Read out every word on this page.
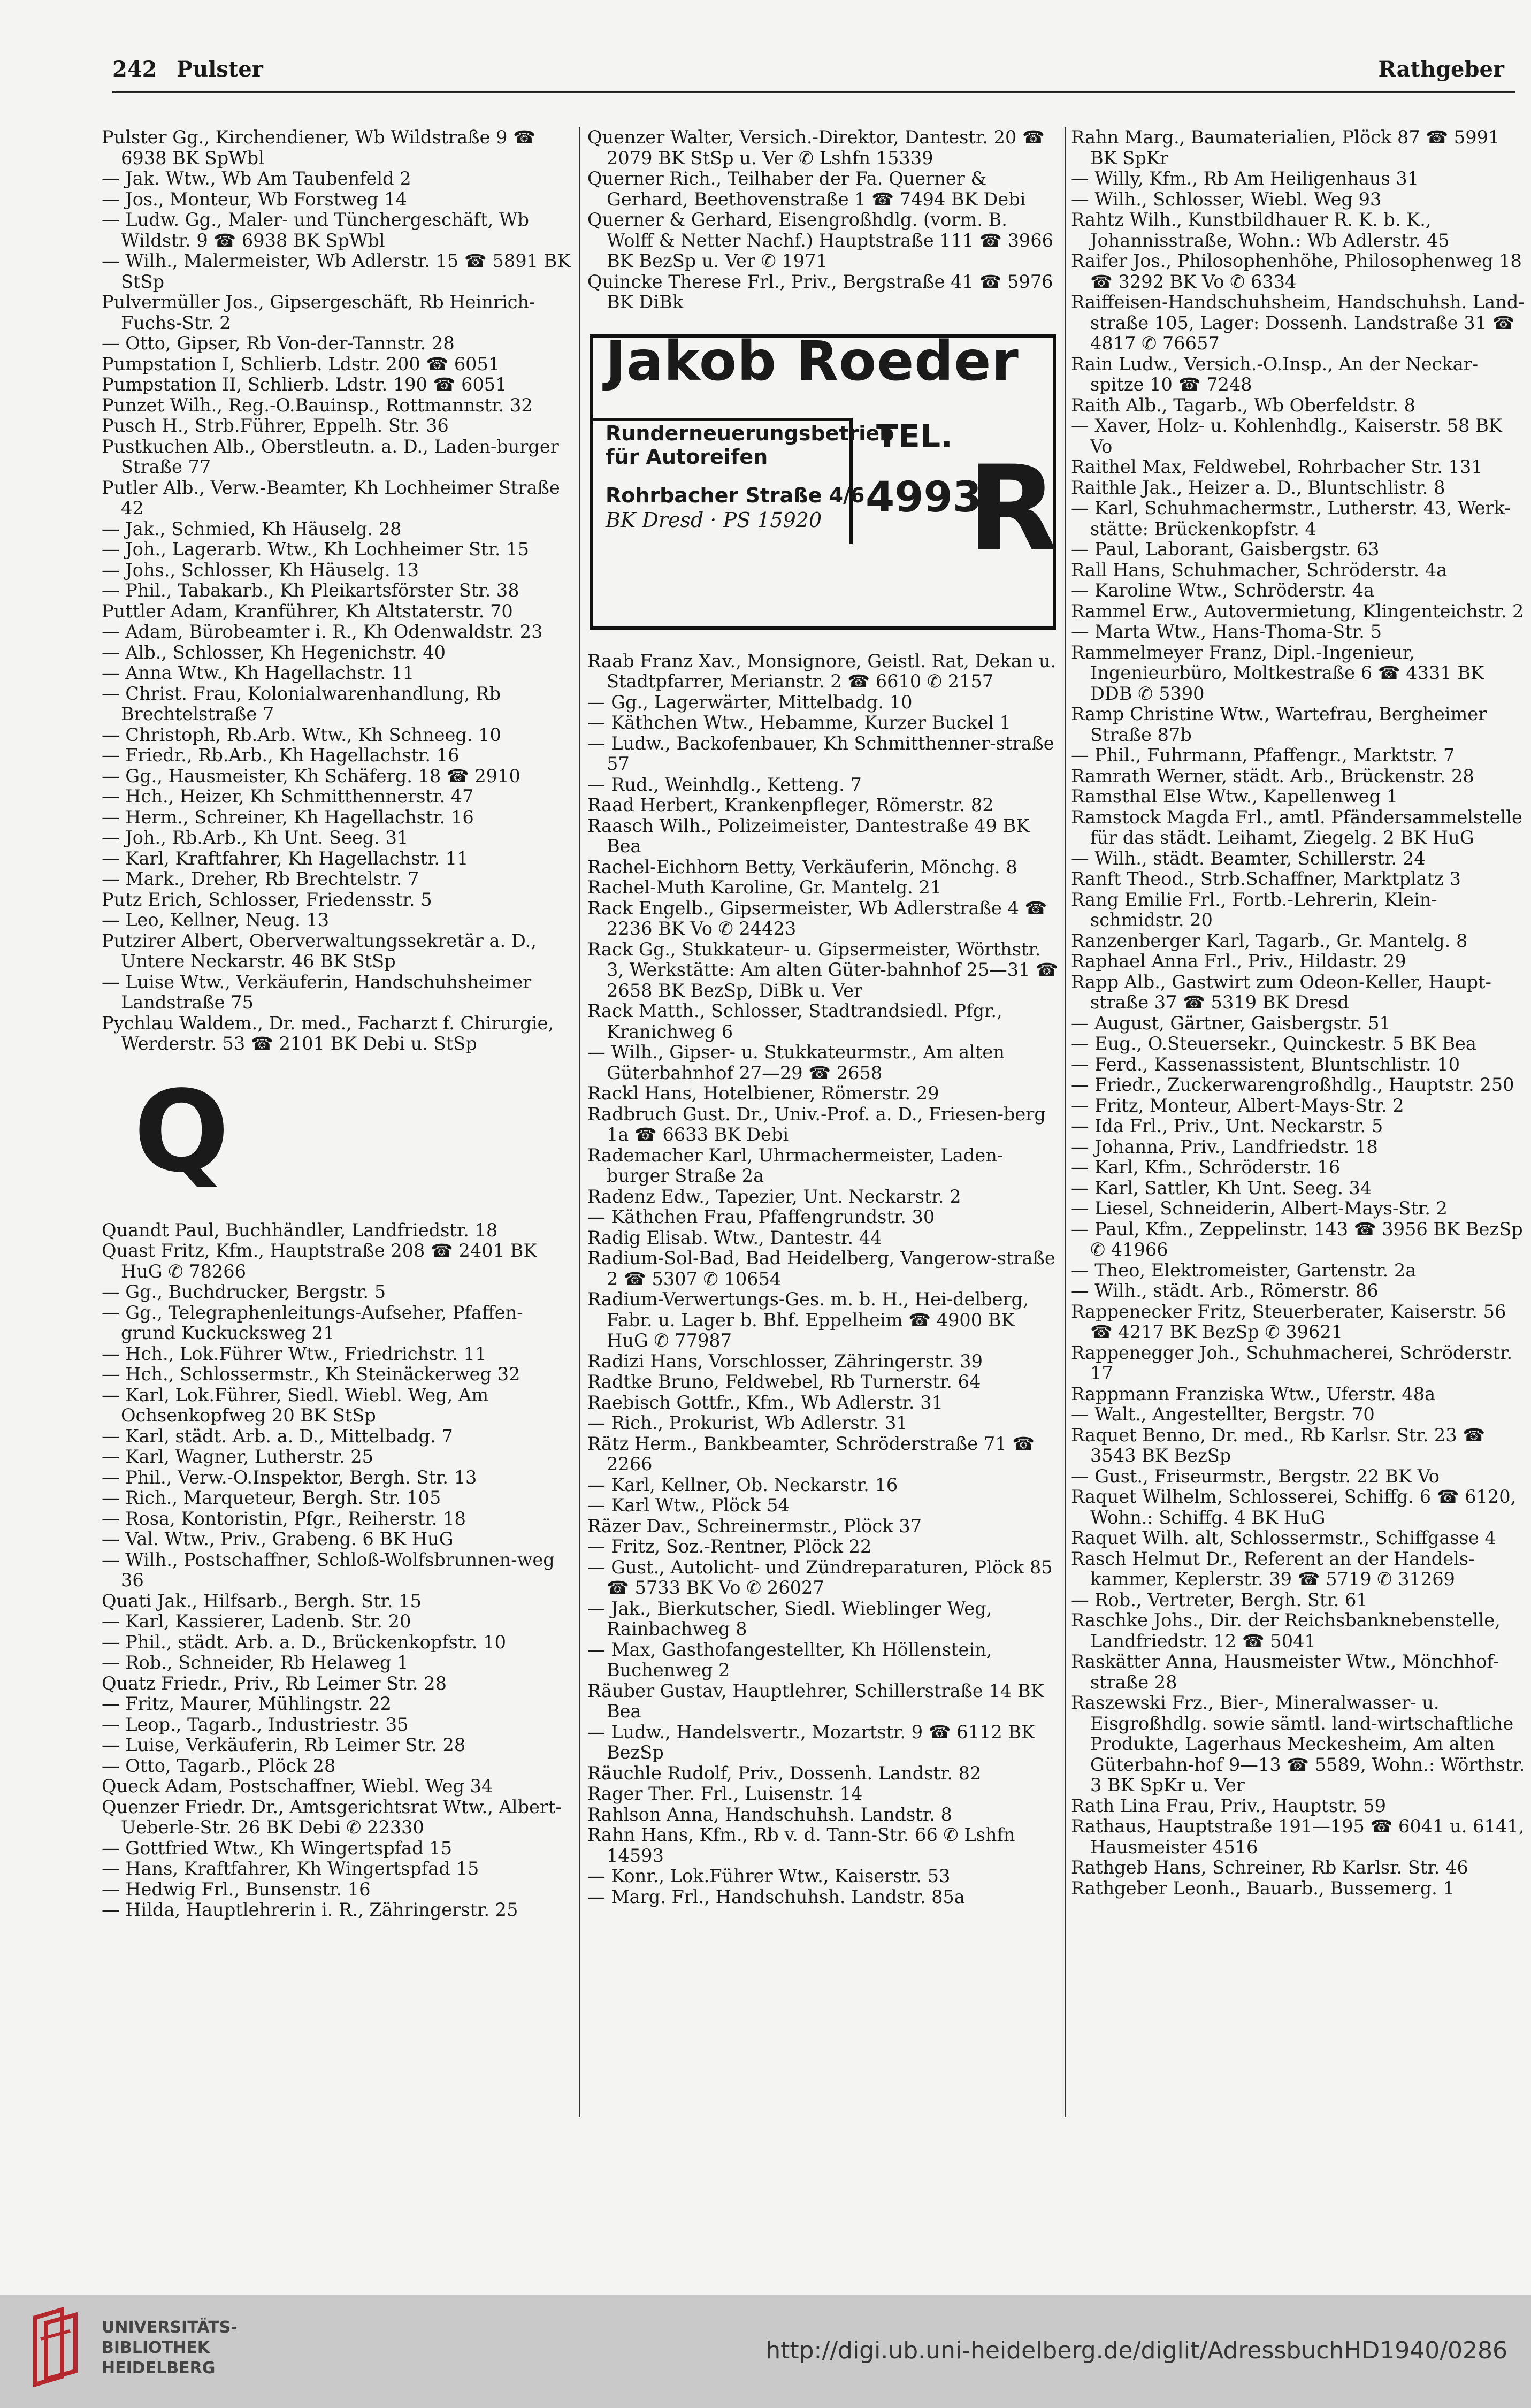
242 Pulster	Rathgeber
Pulster Gg., Kirchendiener, Wb Wildstraße 9 ☎ 6938 BK SpWbl
— Jak. Wtw., Wb Am Taubenfeld 2
— Jos., Monteur, Wb Forstweg 14
— Ludw. Gg., Maler- und Tünchergeschäft, Wb Wildstr. 9 ☎ 6938 BK SpWbl
— Wilh., Malermeister, Wb Adlerstr. 15 ☎ 5891 BK StSp
Pulvermüller Jos., Gipsergeschäft, Rb Heinrich-Fuchs-Str. 2
— Otto, Gipser, Rb Von-der-Tannstr. 28
Pumpstation I, Schlierb. Ldstr. 200 ☎ 6051
Pumpstation II, Schlierb. Ldstr. 190 ☎ 6051
Punzet Wilh., Reg.-O.Bauinsp., Rottmannstr. 32
Pusch H., Strb.Führer, Eppelh. Str. 36
Pustkuchen Alb., Oberstleutn. a. D., Laden-burger Straße 77
Putler Alb., Verw.-Beamter, Kh Lochheimer Straße 42
— Jak., Schmied, Kh Häuselg. 28
— Joh., Lagerarb. Wtw., Kh Lochheimer Str. 15
— Johs., Schlosser, Kh Häuselg. 13
— Phil., Tabakarb., Kh Pleikartsförster Str. 38
Puttler Adam, Kranführer, Kh Altstaterstr. 70
— Adam, Bürobeamter i. R., Kh Odenwaldstr. 23
— Alb., Schlosser, Kh Hegenichstr. 40
— Anna Wtw., Kh Hagellachstr. 11
— Christ. Frau, Kolonialwarenhandlung, Rb Brechtelstraße 7
— Christoph, Rb.Arb. Wtw., Kh Schneeg. 10
— Friedr., Rb.Arb., Kh Hagellachstr. 16
— Gg., Hausmeister, Kh Schäferg. 18 ☎ 2910
— Hch., Heizer, Kh Schmitthennerstr. 47
— Herm., Schreiner, Kh Hagellachstr. 16
— Joh., Rb.Arb., Kh Unt. Seeg. 31
— Karl, Kraftfahrer, Kh Hagellachstr. 11
— Mark., Dreher, Rb Brechtelstr. 7
Putz Erich, Schlosser, Friedensstr. 5
— Leo, Kellner, Neug. 13
Putzirer Albert, Oberverwaltungssekretär a. D., Untere Neckarstr. 46 BK StSp
— Luise Wtw., Verkäuferin, Handschuhsheimer Landstraße 75
Pychlau Waldem., Dr. med., Facharzt f. Chirurgie, Werderstr. 53 ☎ 2101 BK Debi u. StSp
Q
Quandt Paul, Buchhändler, Landfriedstr. 18
Quast Fritz, Kfm., Hauptstraße 208 ☎ 2401 BK HuG ✆ 78266
— Gg., Buchdrucker, Bergstr. 5
— Gg., Telegraphenleitungs-Aufseher, Pfaffen-grund Kuckucksweg 21
— Hch., Lok.Führer Wtw., Friedrichstr. 11
— Hch., Schlossermstr., Kh Steinäckerweg 32
— Karl, Lok.Führer, Siedl. Wiebl. Weg, Am Ochsenkopfweg 20 BK StSp
— Karl, städt. Arb. a. D., Mittelbadg. 7
— Karl, Wagner, Lutherstr. 25
— Phil., Verw.-O.Inspektor, Bergh. Str. 13
— Rich., Marqueteur, Bergh. Str. 105
— Rosa, Kontoristin, Pfgr., Reiherstr. 18
— Val. Wtw., Priv., Grabeng. 6 BK HuG
— Wilh., Postschaffner, Schloß-Wolfsbrunnen-weg 36
Quati Jak., Hilfsarb., Bergh. Str. 15
— Karl, Kassierer, Ladenb. Str. 20
— Phil., städt. Arb. a. D., Brückenkopfstr. 10
— Rob., Schneider, Rb Helaweg 1
Quatz Friedr., Priv., Rb Leimer Str. 28
— Fritz, Maurer, Mühlingstr. 22
— Leop., Tagarb., Industriestr. 35
— Luise, Verkäuferin, Rb Leimer Str. 28
— Otto, Tagarb., Plöck 28
Queck Adam, Postschaffner, Wiebl. Weg 34
Quenzer Friedr. Dr., Amtsgerichtsrat Wtw., Albert-Ueberle-Str. 26 BK Debi ✆ 22330
— Gottfried Wtw., Kh Wingertspfad 15
— Hans, Kraftfahrer, Kh Wingertspfad 15
— Hedwig Frl., Bunsenstr. 16
— Hilda, Hauptlehrerin i. R., Zähringerstr. 25
Quenzer Walter, Versich.-Direktor, Dantestr. 20 ☎ 2079 BK StSp u. Ver ✆ Lshfn 15339
Querner Rich., Teilhaber der Fa. Querner & Gerhard, Beethovenstraße 1 ☎ 7494 BK Debi
Querner & Gerhard, Eisengroßhdlg. (vorm. B. Wolff & Netter Nachf.) Hauptstraße 111 ☎ 3966 BK BezSp u. Ver ✆ 1971
Quincke Therese Frl., Priv., Bergstraße 41 ☎ 5976 BK DiBk
Jakob Roeder
Runderneuerungsbetrieb
für Autoreifen
TEL.
Rohrbacher Straße 4/6
BK Dresd · PS 15920 4993
R
Raab Franz Xav., Monsignore, Geistl. Rat, Dekan u. Stadtpfarrer, Merianstr. 2 ☎ 6610 ✆ 2157
— Gg., Lagerwärter, Mittelbadg. 10
— Käthchen Wtw., Hebamme, Kurzer Buckel 1
— Ludw., Backofenbauer, Kh Schmitthenner-straße 57
— Rud., Weinhdlg., Ketteng. 7
Raad Herbert, Krankenpfleger, Römerstr. 82
Raasch Wilh., Polizeimeister, Dantestraße 49 BK Bea
Rachel-Eichhorn Betty, Verkäuferin, Mönchg. 8
Rachel-Muth Karoline, Gr. Mantelg. 21
Rack Engelb., Gipsermeister, Wb Adlerstraße 4 ☎ 2236 BK Vo ✆ 24423
Rack Gg., Stukkateur- u. Gipsermeister, Wörthstr. 3, Werkstätte: Am alten Güter-bahnhof 25—31 ☎ 2658 BK BezSp, DiBk u. Ver
Rack Matth., Schlosser, Stadtrandsiedl. Pfgr., Kranichweg 6
— Wilh., Gipser- u. Stukkateurmstr., Am alten Güterbahnhof 27—29 ☎ 2658
Rackl Hans, Hotelbiener, Römerstr. 29
Radbruch Gust. Dr., Univ.-Prof. a. D., Friesen-berg 1a ☎ 6633 BK Debi
Rademacher Karl, Uhrmachermeister, Laden-burger Straße 2a
Radenz Edw., Tapezier, Unt. Neckarstr. 2
— Käthchen Frau, Pfaffengrundstr. 30
Radig Elisab. Wtw., Dantestr. 44
Radium-Sol-Bad, Bad Heidelberg, Vangerow-straße 2 ☎ 5307 ✆ 10654
Radium-Verwertungs-Ges. m. b. H., Hei-delberg, Fabr. u. Lager b. Bhf. Eppelheim ☎ 4900 BK HuG ✆ 77987
Radizi Hans, Vorschlosser, Zähringerstr. 39
Radtke Bruno, Feldwebel, Rb Turnerstr. 64
Raebisch Gottfr., Kfm., Wb Adlerstr. 31
— Rich., Prokurist, Wb Adlerstr. 31
Rätz Herm., Bankbeamter, Schröderstraße 71 ☎ 2266
— Karl, Kellner, Ob. Neckarstr. 16
— Karl Wtw., Plöck 54
Räzer Dav., Schreinermstr., Plöck 37
— Fritz, Soz.-Rentner, Plöck 22
— Gust., Autolicht- und Zündreparaturen, Plöck 85 ☎ 5733 BK Vo ✆ 26027
— Jak., Bierkutscher, Siedl. Wieblinger Weg, Rainbachweg 8
— Max, Gasthofangestellter, Kh Höllenstein, Buchenweg 2
Räuber Gustav, Hauptlehrer, Schillerstraße 14 BK Bea
— Ludw., Handelsvertr., Mozartstr. 9 ☎ 6112 BK BezSp
Räuchle Rudolf, Priv., Dossenh. Landstr. 82
Rager Ther. Frl., Luisenstr. 14
Rahlson Anna, Handschuhsh. Landstr. 8
Rahn Hans, Kfm., Rb v. d. Tann-Str. 66 ✆ Lshfn 14593
— Konr., Lok.Führer Wtw., Kaiserstr. 53
— Marg. Frl., Handschuhsh. Landstr. 85a
Rahn Marg., Baumaterialien, Plöck 87 ☎ 5991 BK SpKr
— Willy, Kfm., Rb Am Heiligenhaus 31
— Wilh., Schlosser, Wiebl. Weg 93
Rahtz Wilh., Kunstbildhauer R. K. b. K., Johannisstraße, Wohn.: Wb Adlerstr. 45
Raifer Jos., Philosophenhöhe, Philosophenweg 18 ☎ 3292 BK Vo ✆ 6334
Raiffeisen-Handschuhsheim, Handschuhsh. Land-straße 105, Lager: Dossenh. Landstraße 31 ☎ 4817 ✆ 76657
Rain Ludw., Versich.-O.Insp., An der Neckar-spitze 10 ☎ 7248
Raith Alb., Tagarb., Wb Oberfeldstr. 8
— Xaver, Holz- u. Kohlenhdlg., Kaiserstr. 58 BK Vo
Raithel Max, Feldwebel, Rohrbacher Str. 131
Raithle Jak., Heizer a. D., Bluntschlistr. 8
— Karl, Schuhmachermstr., Lutherstr. 43, Werk-stätte: Brückenkopfstr. 4
— Paul, Laborant, Gaisbergstr. 63
Rall Hans, Schuhmacher, Schröderstr. 4a
— Karoline Wtw., Schröderstr. 4a
Rammel Erw., Autovermietung, Klingenteichstr. 2
— Marta Wtw., Hans-Thoma-Str. 5
Rammelmeyer Franz, Dipl.-Ingenieur, Ingenieurbüro, Moltkestraße 6 ☎ 4331 BK DDB ✆ 5390
Ramp Christine Wtw., Wartefrau, Bergheimer Straße 87b
— Phil., Fuhrmann, Pfaffengr., Marktstr. 7
Ramrath Werner, städt. Arb., Brückenstr. 28
Ramsthal Else Wtw., Kapellenweg 1
Ramstock Magda Frl., amtl. Pfändersammelstelle für das städt. Leihamt, Ziegelg. 2 BK HuG
— Wilh., städt. Beamter, Schillerstr. 24
Ranft Theod., Strb.Schaffner, Marktplatz 3
Rang Emilie Frl., Fortb.-Lehrerin, Klein-schmidstr. 20
Ranzenberger Karl, Tagarb., Gr. Mantelg. 8
Raphael Anna Frl., Priv., Hildastr. 29
Rapp Alb., Gastwirt zum Odeon-Keller, Haupt-straße 37 ☎ 5319 BK Dresd
— August, Gärtner, Gaisbergstr. 51
— Eug., O.Steuersekr., Quinckestr. 5 BK Bea
— Ferd., Kassenassistent, Bluntschlistr. 10
— Friedr., Zuckerwarengroßhdlg., Hauptstr. 250
— Fritz, Monteur, Albert-Mays-Str. 2
— Ida Frl., Priv., Unt. Neckarstr. 5
— Johanna, Priv., Landfriedstr. 18
— Karl, Kfm., Schröderstr. 16
— Karl, Sattler, Kh Unt. Seeg. 34
— Liesel, Schneiderin, Albert-Mays-Str. 2
— Paul, Kfm., Zeppelinstr. 143 ☎ 3956 BK BezSp ✆ 41966
— Theo, Elektromeister, Gartenstr. 2a
— Wilh., städt. Arb., Römerstr. 86
Rappenecker Fritz, Steuerberater, Kaiserstr. 56 ☎ 4217 BK BezSp ✆ 39621
Rappenegger Joh., Schuhmacherei, Schröderstr. 17
Rappmann Franziska Wtw., Uferstr. 48a
— Walt., Angestellter, Bergstr. 70
Raquet Benno, Dr. med., Rb Karlsr. Str. 23 ☎ 3543 BK BezSp
— Gust., Friseurmstr., Bergstr. 22 BK Vo
Raquet Wilhelm, Schlosserei, Schiffg. 6 ☎ 6120, Wohn.: Schiffg. 4 BK HuG
Raquet Wilh. alt, Schlossermstr., Schiffgasse 4
Rasch Helmut Dr., Referent an der Handels-kammer, Keplerstr. 39 ☎ 5719 ✆ 31269
— Rob., Vertreter, Bergh. Str. 61
Raschke Johs., Dir. der Reichsbanknebenstelle, Landfriedstr. 12 ☎ 5041
Raskätter Anna, Hausmeister Wtw., Mönchhof-straße 28
Raszewski Frz., Bier-, Mineralwasser- u. Eisgroßhdlg. sowie sämtl. land-wirtschaftliche Produkte, Lagerhaus Meckesheim, Am alten Güterbahn-hof 9—13 ☎ 5589, Wohn.: Wörthstr. 3 BK SpKr u. Ver
Rath Lina Frau, Priv., Hauptstr. 59
Rathaus, Hauptstraße 191—195 ☎ 6041 u. 6141, Hausmeister 4516
Rathgeb Hans, Schreiner, Rb Karlsr. Str. 46
Rathgeber Leonh., Bauarb., Bussemerg. 1
UNIVERSITÄTS-
BIBLIOTHEK
HEIDELBERG
http://digi.ub.uni-heidelberg.de/diglit/AdressbuchHD1940/0286
